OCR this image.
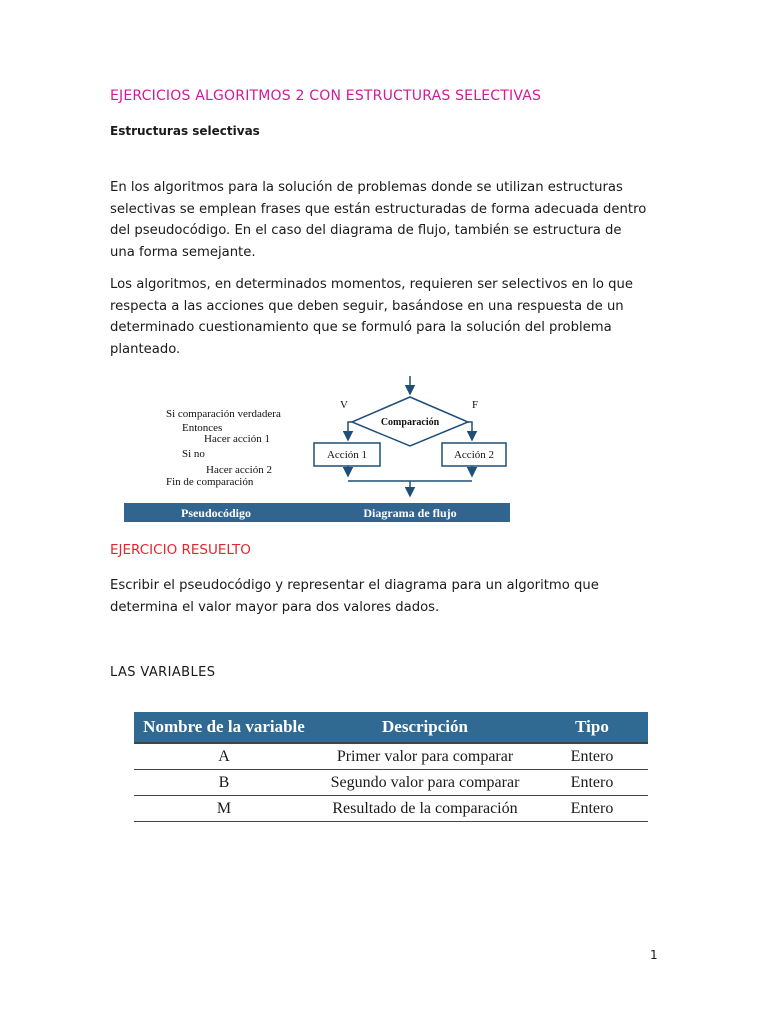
EJERCICIOS ALGORITMOS 2 CON ESTRUCTURAS SELECTIVAS
Estructuras selectivas
En los algoritmos para la solución de problemas donde se utilizan estructuras selectivas se emplean frases que están estructuradas de forma adecuada dentro del pseudocódigo. En el caso del diagrama de flujo, también se estructura de una forma semejante.
Los algoritmos, en determinados momentos, requieren ser selectivos en lo que respecta a las acciones que deben seguir, basándose en una respuesta de un determinado cuestionamiento que se formuló para la solución del problema planteado.
Si comparación verdadera
Entonces
Hacer acción 1
Si no
Hacer acción 2
Fin de comparación
V	F
Comparación
Acción 1	Acción 2
Pseudocódigo	Diagrama de flujo
EJERCICIO RESUELTO
Escribir el pseudocódigo y representar el diagrama para un algoritmo que determina el valor mayor para dos valores dados.
LAS VARIABLES
Nombre de la variable	Descripción	Tipo
A	Primer valor para comparar	Entero
B	Segundo valor para comparar	Entero
M	Resultado de la comparación	Entero
1
